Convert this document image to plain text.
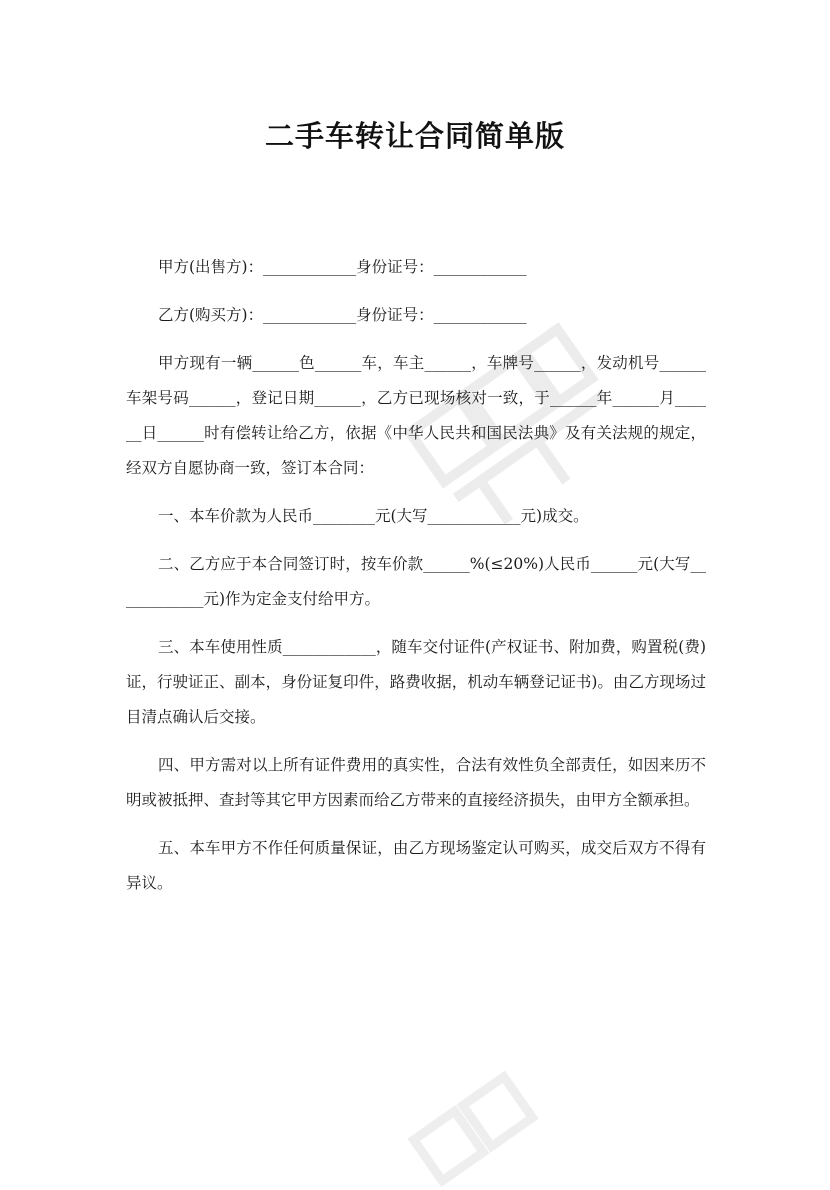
二手车转让合同简单版

甲方(出售方)：____________身份证号：____________

乙方(购买方)：____________身份证号：____________

甲方现有一辆______色______车，车主______，车牌号______，发动机号______车架号码______，登记日期______，乙方已现场核对一致，于______年______月______日______时有偿转让给乙方，依据《中华人民共和国民法典》及有关法规的规定，经双方自愿协商一致，签订本合同：

一、本车价款为人民币________元(大写____________元)成交。

二、乙方应于本合同签订时，按车价款______%(≤20%)人民币______元(大写____________元)作为定金支付给甲方。

三、本车使用性质____________，随车交付证件(产权证书、附加费，购置税(费)证，行驶证正、副本，身份证复印件，路费收据，机动车辆登记证书)。由乙方现场过目清点确认后交接。

四、甲方需对以上所有证件费用的真实性，合法有效性负全部责任，如因来历不明或被抵押、查封等其它甲方因素而给乙方带来的直接经济损失，由甲方全额承担。

五、本车甲方不作任何质量保证，由乙方现场鉴定认可购买，成交后双方不得有异议。
